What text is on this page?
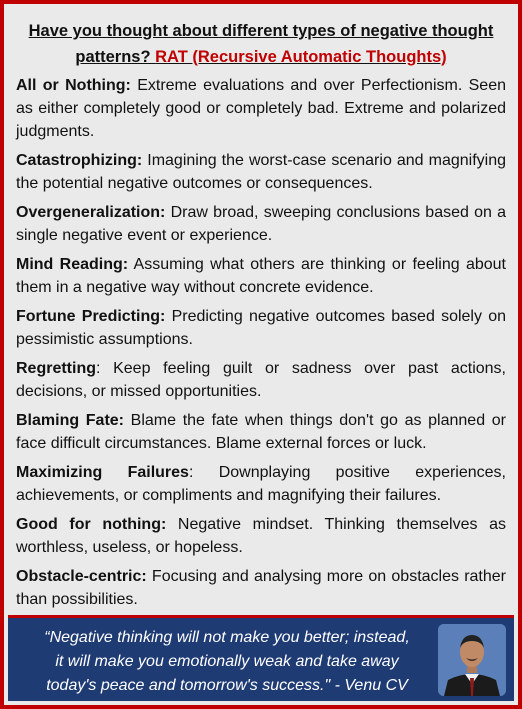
Have you thought about different types of negative thought
patterns? RAT (Recursive Automatic Thoughts)
All or Nothing: Extreme evaluations and over Perfectionism. Seen as either completely good or completely bad. Extreme and polarized judgments.
Catastrophizing: Imagining the worst-case scenario and magnifying the potential negative outcomes or consequences.
Overgeneralization: Draw broad, sweeping conclusions based on a single negative event or experience.
Mind Reading: Assuming what others are thinking or feeling about them in a negative way without concrete evidence.
Fortune Predicting: Predicting negative outcomes based solely on pessimistic assumptions.
Regretting: Keep feeling guilt or sadness over past actions, decisions, or missed opportunities.
Blaming Fate: Blame the fate when things don't go as planned or face difficult circumstances. Blame external forces or luck.
Maximizing Failures: Downplaying positive experiences, achievements, or compliments and magnifying their failures.
Good for nothing: Negative mindset. Thinking themselves as worthless, useless, or hopeless.
Obstacle-centric: Focusing and analysing more on obstacles rather than possibilities.
“Negative thinking will not make you better; instead,
it will make you emotionally weak and take away
today's peace and tomorrow's success." - Venu CV
